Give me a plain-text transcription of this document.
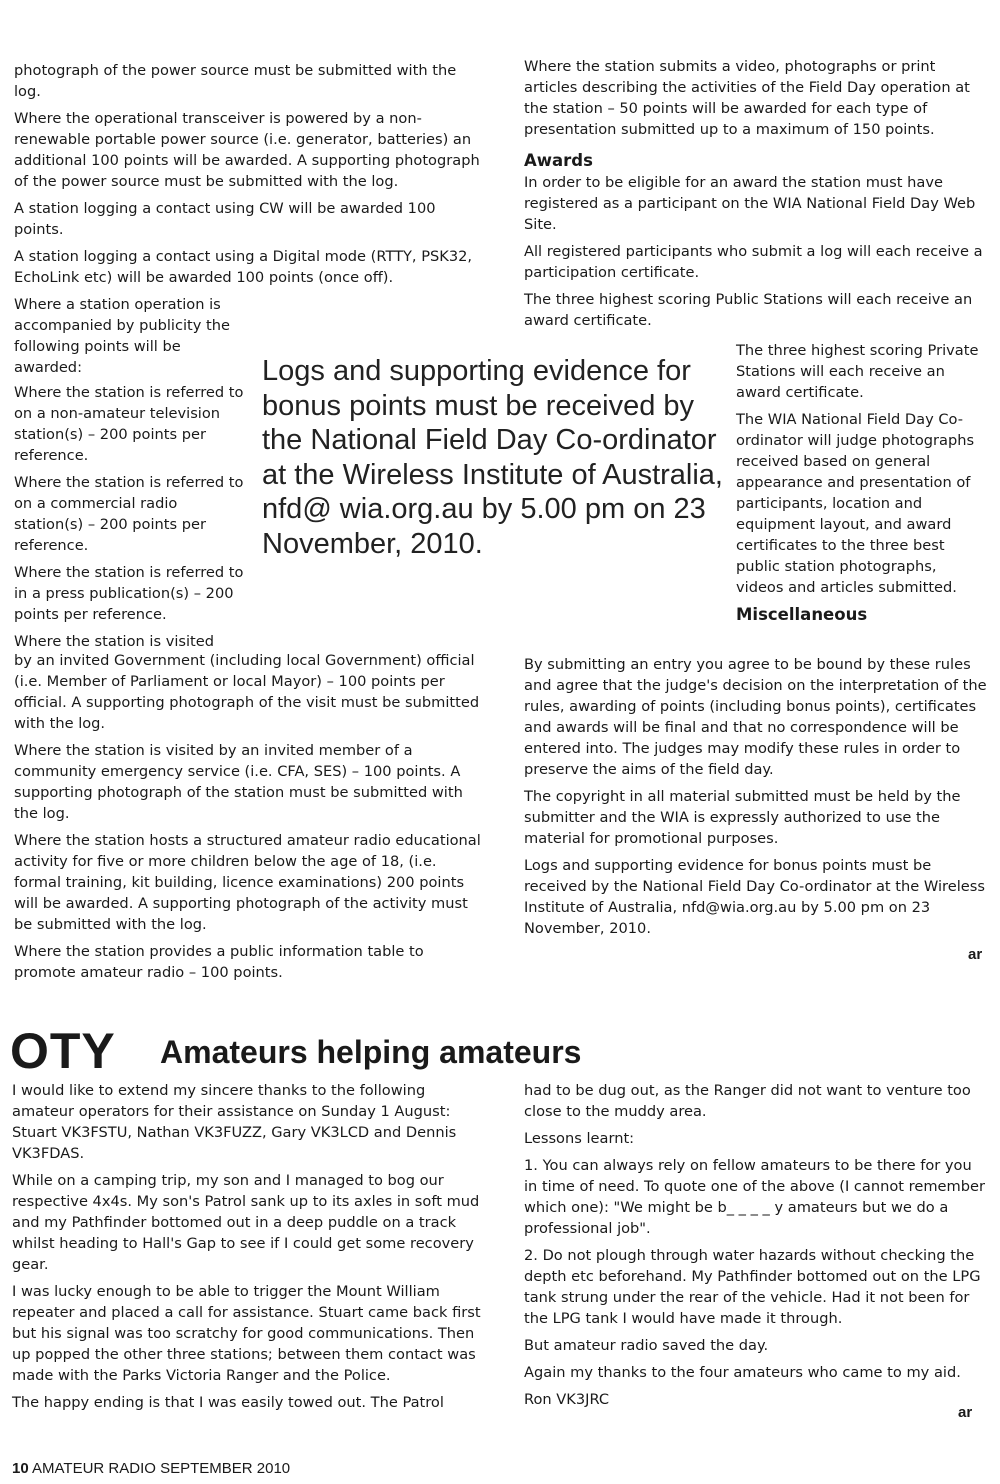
photograph of the power source must be submitted with the log.

Where the operational transceiver is powered by a non-renewable portable power source (i.e. generator, batteries) an additional 100 points will be awarded. A supporting photograph of the power source must be submitted with the log.

A station logging a contact using CW will be awarded 100 points.

A station logging a contact using a Digital mode (RTTY, PSK32, EchoLink etc) will be awarded 100 points (once off).

Where a station operation is accompanied by publicity the following points will be awarded:

Where the station is referred to on a non-amateur television station(s) – 200 points per reference.

Where the station is referred to on a commercial radio station(s) – 200 points per reference.

Where the station is referred to in a press publication(s) – 200 points per reference.

Where the station is visited

by an invited Government (including local Government) official (i.e. Member of Parliament or local Mayor) – 100 points per official. A supporting photograph of the visit must be submitted with the log.

Where the station is visited by an invited member of a community emergency service (i.e. CFA, SES) – 100 points. A supporting photograph of the station must be submitted with the log.

Where the station hosts a structured amateur radio educational activity for five or more children below the age of 18, (i.e. formal training, kit building, licence examinations) 200 points will be awarded. A supporting photograph of the activity must be submitted with the log.

Where the station provides a public information table to promote amateur radio – 100 points.

Logs and supporting evidence for bonus points must be received by the National Field Day Co-ordinator at the Wireless Institute of Australia, nfd@ wia.org.au by 5.00 pm on 23 November, 2010.

Where the station submits a video, photographs or print articles describing the activities of the Field Day operation at the station – 50 points will be awarded for each type of presentation submitted up to a maximum of 150 points.

Awards

In order to be eligible for an award the station must have registered as a participant on the WIA National Field Day Web Site.

All registered participants who submit a log will each receive a participation certificate.

The three highest scoring Public Stations will each receive an award certificate.

The three highest scoring Private Stations will each receive an award certificate.

The WIA National Field Day Co-ordinator will judge photographs received based on general appearance and presentation of participants, location and equipment layout, and award certificates to the three best public station photographs, videos and articles submitted.

Miscellaneous

By submitting an entry you agree to be bound by these rules and agree that the judge's decision on the interpretation of the rules, awarding of points (including bonus points), certificates and awards will be final and that no correspondence will be entered into. The judges may modify these rules in order to preserve the aims of the field day.

The copyright in all material submitted must be held by the submitter and the WIA is expressly authorized to use the material for promotional purposes.

Logs and supporting evidence for bonus points must be received by the National Field Day Co-ordinator at the Wireless Institute of Australia, nfd@wia.org.au by 5.00 pm on 23 November, 2010.

ar
OTY Amateurs helping amateurs

I would like to extend my sincere thanks to the following amateur operators for their assistance on Sunday 1 August: Stuart VK3FSTU, Nathan VK3FUZZ, Gary VK3LCD and Dennis VK3FDAS.

While on a camping trip, my son and I managed to bog our respective 4x4s. My son's Patrol sank up to its axles in soft mud and my Pathfinder bottomed out in a deep puddle on a track whilst heading to Hall's Gap to see if I could get some recovery gear.

I was lucky enough to be able to trigger the Mount William repeater and placed a call for assistance. Stuart came back first but his signal was too scratchy for good communications. Then up popped the other three stations; between them contact was made with the Parks Victoria Ranger and the Police.

The happy ending is that I was easily towed out. The Patrol

had to be dug out, as the Ranger did not want to venture too close to the muddy area.

Lessons learnt:

1. You can always rely on fellow amateurs to be there for you in time of need. To quote one of the above (I cannot remember which one): "We might be b_ _ _ _ y amateurs but we do a professional job".

2. Do not plough through water hazards without checking the depth etc beforehand. My Pathfinder bottomed out on the LPG tank strung under the rear of the vehicle. Had it not been for the LPG tank I would have made it through.

But amateur radio saved the day.

Again my thanks to the four amateurs who came to my aid.

Ron VK3JRC

ar
10 AMATEUR RADIO SEPTEMBER 2010
